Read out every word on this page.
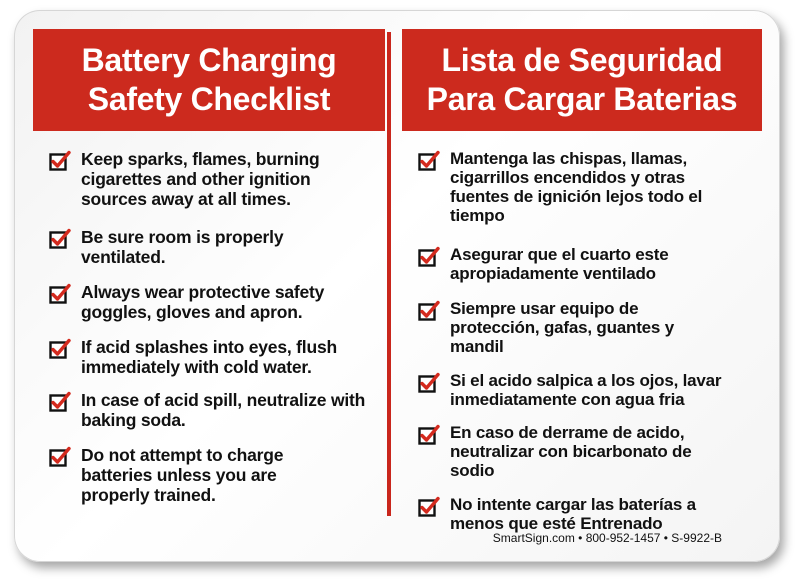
Battery Charging
Safety Checklist
Keep sparks, flames, burning cigarettes and other ignition sources away at all times.
Be sure room is properly ventilated.
Always wear protective safety goggles, gloves and apron.
If acid splashes into eyes, flush immediately with cold water.
In case of acid spill, neutralize with baking soda.
Do not attempt to charge batteries unless you are properly trained.
Lista de Seguridad
Para Cargar Baterias
Mantenga las chispas, llamas, cigarrillos encendidos y otras fuentes de ignición lejos todo el tiempo
Asegurar que el cuarto este apropiadamente ventilado
Siempre usar equipo de protección, gafas, guantes y mandil
Si el acido salpica a los ojos, lavar inmediatamente con agua fria
En caso de derrame de acido, neutralizar con bicarbonato de sodio
No intente cargar las baterías a menos que esté Entrenado
SmartSign.com • 800-952-1457 • S-9922-B
